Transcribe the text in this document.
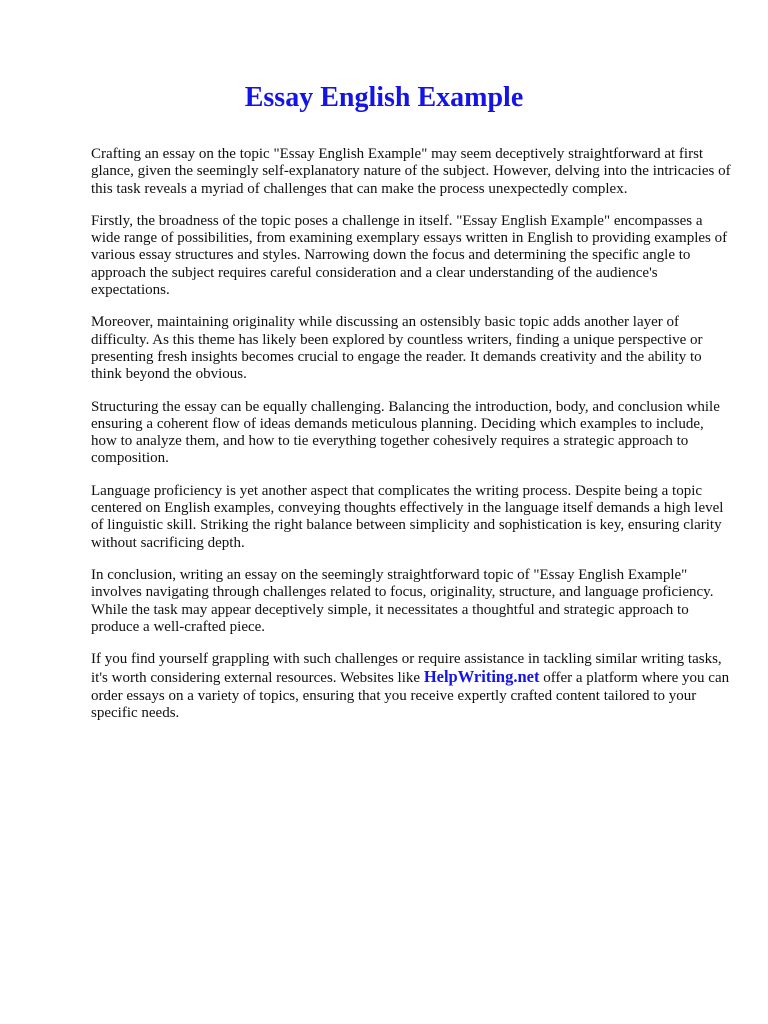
Essay English Example

Crafting an essay on the topic "Essay English Example" may seem deceptively straightforward at first glance, given the seemingly self-explanatory nature of the subject. However, delving into the intricacies of this task reveals a myriad of challenges that can make the process unexpectedly complex.

Firstly, the broadness of the topic poses a challenge in itself. "Essay English Example" encompasses a wide range of possibilities, from examining exemplary essays written in English to providing examples of various essay structures and styles. Narrowing down the focus and determining the specific angle to approach the subject requires careful consideration and a clear understanding of the audience's expectations.

Moreover, maintaining originality while discussing an ostensibly basic topic adds another layer of difficulty. As this theme has likely been explored by countless writers, finding a unique perspective or presenting fresh insights becomes crucial to engage the reader. It demands creativity and the ability to think beyond the obvious.

Structuring the essay can be equally challenging. Balancing the introduction, body, and conclusion while ensuring a coherent flow of ideas demands meticulous planning. Deciding which examples to include, how to analyze them, and how to tie everything together cohesively requires a strategic approach to composition.

Language proficiency is yet another aspect that complicates the writing process. Despite being a topic centered on English examples, conveying thoughts effectively in the language itself demands a high level of linguistic skill. Striking the right balance between simplicity and sophistication is key, ensuring clarity without sacrificing depth.

In conclusion, writing an essay on the seemingly straightforward topic of "Essay English Example" involves navigating through challenges related to focus, originality, structure, and language proficiency. While the task may appear deceptively simple, it necessitates a thoughtful and strategic approach to produce a well-crafted piece.

If you find yourself grappling with such challenges or require assistance in tackling similar writing tasks, it's worth considering external resources. Websites like HelpWriting.net offer a platform where you can order essays on a variety of topics, ensuring that you receive expertly crafted content tailored to your specific needs.
